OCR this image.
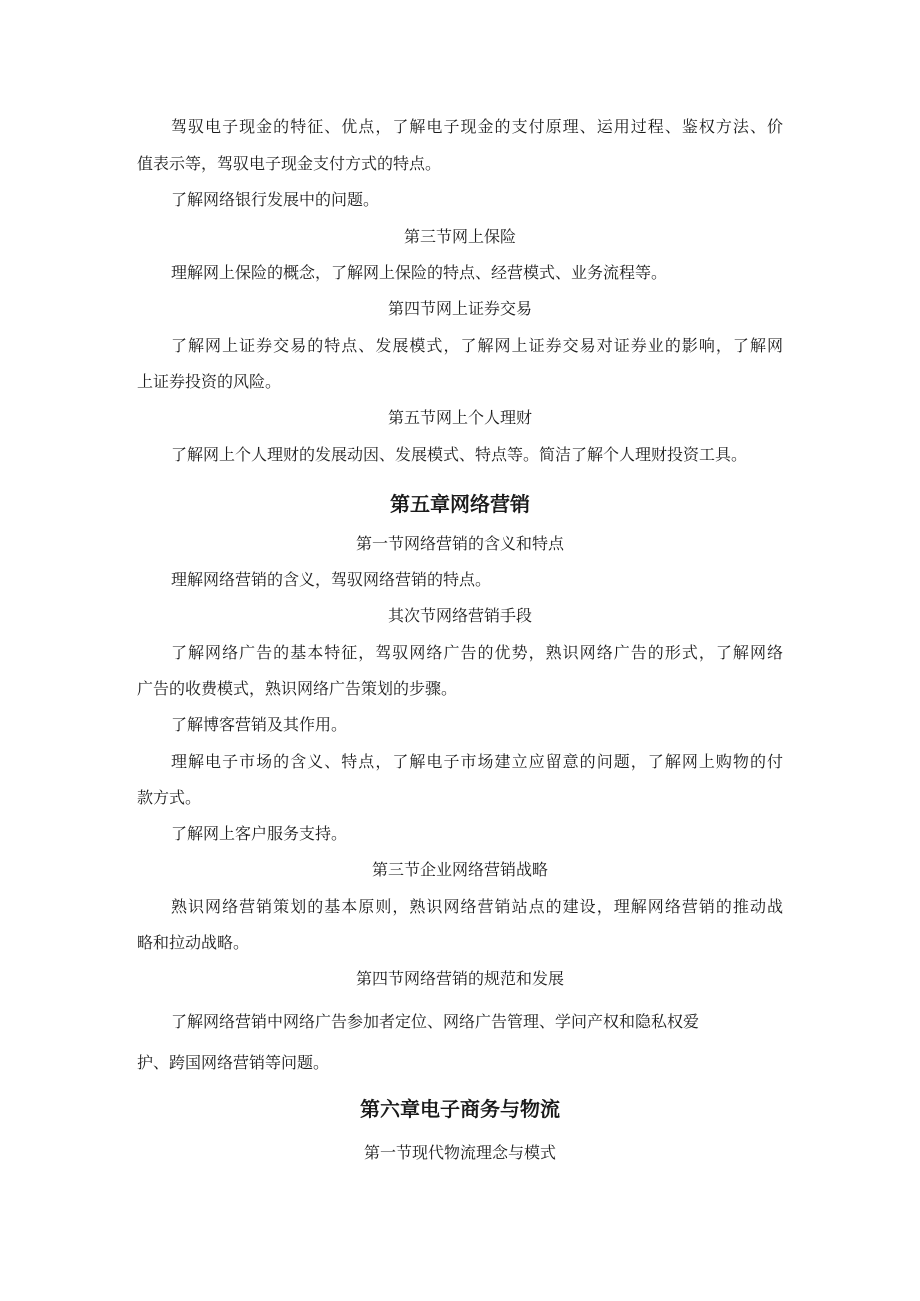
驾驭电子现金的特征、优点，了解电子现金的支付原理、运用过程、鉴权方法、价
值表示等，驾驭电子现金支付方式的特点。
了解网络银行发展中的问题。
第三节网上保险
理解网上保险的概念，了解网上保险的特点、经营模式、业务流程等。
第四节网上证券交易
了解网上证券交易的特点、发展模式，了解网上证券交易对证券业的影响，了解网
上证券投资的风险。
第五节网上个人理财
了解网上个人理财的发展动因、发展模式、特点等。简洁了解个人理财投资工具。
第五章网络营销
第一节网络营销的含义和特点
理解网络营销的含义，驾驭网络营销的特点。
其次节网络营销手段
了解网络广告的基本特征，驾驭网络广告的优势，熟识网络广告的形式，了解网络
广告的收费模式，熟识网络广告策划的步骤。
了解博客营销及其作用。
理解电子市场的含义、特点，了解电子市场建立应留意的问题，了解网上购物的付
款方式。
了解网上客户服务支持。
第三节企业网络营销战略
熟识网络营销策划的基本原则，熟识网络营销站点的建设，理解网络营销的推动战
略和拉动战略。
第四节网络营销的规范和发展
了解网络营销中网络广告参加者定位、网络广告管理、学问产权和隐私权爱
护、跨国网络营销等问题。
第六章电子商务与物流
第一节现代物流理念与模式
